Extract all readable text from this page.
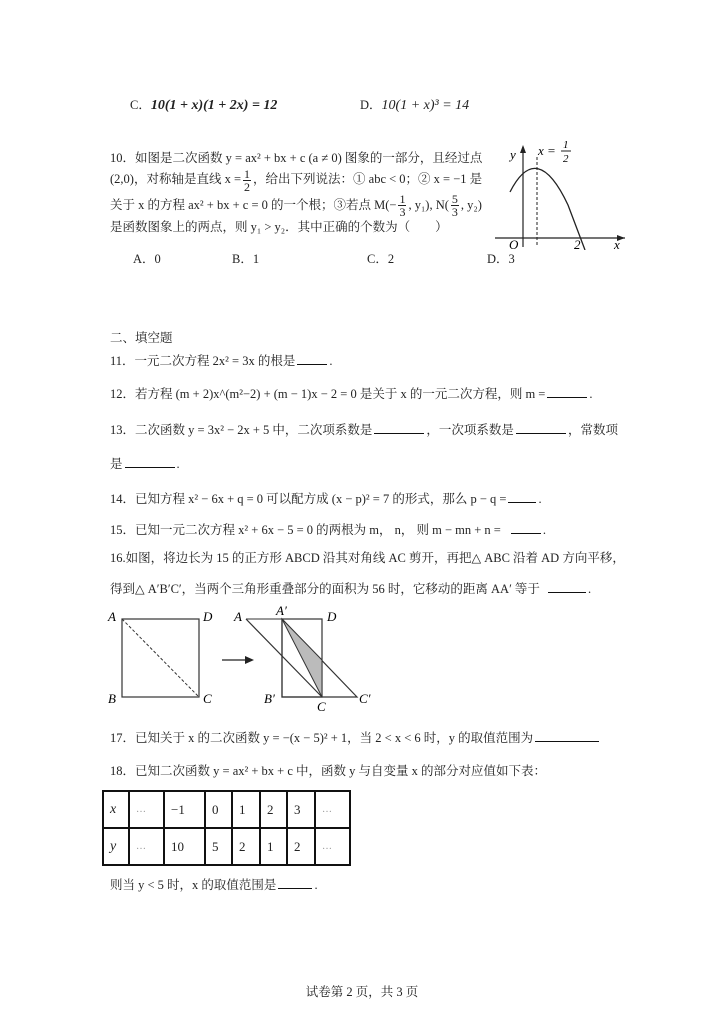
C．10(1 + x)(1 + 2x) = 12	D．10(1 + x)³ = 14
10．如图是二次函数 y = ax² + bx + c (a ≠ 0) 图象的一部分，且经过点
(2,0)，对称轴是直线 $x = \frac{1}{2}$ ，给出下列说法：① abc < 0；② x = −1 是
关于 x 的方程 ax² + bx + c = 0 的一个根；③若点 $M(- \frac{1}{3}$ , y₁), $N( \frac{5}{3}$ , y₂)
是函数图象上的两点，则 y₁ > y₂．其中正确的个数为（　　）
A．0	B．1	C．2	D．3
y x = 1
2
O	2	x
二、填空题
11．一元二次方程 2x² = 3x 的根是	.
12．若方程 (m + 2)x^(m²−2) + (m − 1)x − 2 = 0 是关于 x 的一元二次方程，则 m =	.
13．二次函数 y = 3x² − 2x + 5 中，二次项系数是	，一次项系数是	，常数项
是	.
14．已知方程 x² − 6x + q = 0 可以配方成 (x − p)² = 7 的形式，那么 p − q =	.
15．已知一元二次方程 x² + 6x − 5 = 0 的两根为 m， n， 则 m − mn + n =	.
16.如图，将边长为 15 的正方形 ABCD 沿其对角线 AC 剪开，再把△ ABC 沿着 AD 方向平移，
得到△ A′B′C′，当两个三角形重叠部分的面积为 56 时，它移动的距离 AA′ 等于	.
A	D
B	C
A	A′	D
B′
C
C′
17．已知关于 x 的二次函数 y = −(x − 5)² + 1，当 2 < x < 6 时，y 的取值范围为
18．已知二次函数 y = ax² + bx + c 中，函数 y 与自变量 x 的部分对应值如下表：
x	…	−1	0	1	2	3	…
y	…	10	5	2	1	2	…
则当 y < 5 时，x 的取值范围是	.
试卷第 2 页，共 3 页
